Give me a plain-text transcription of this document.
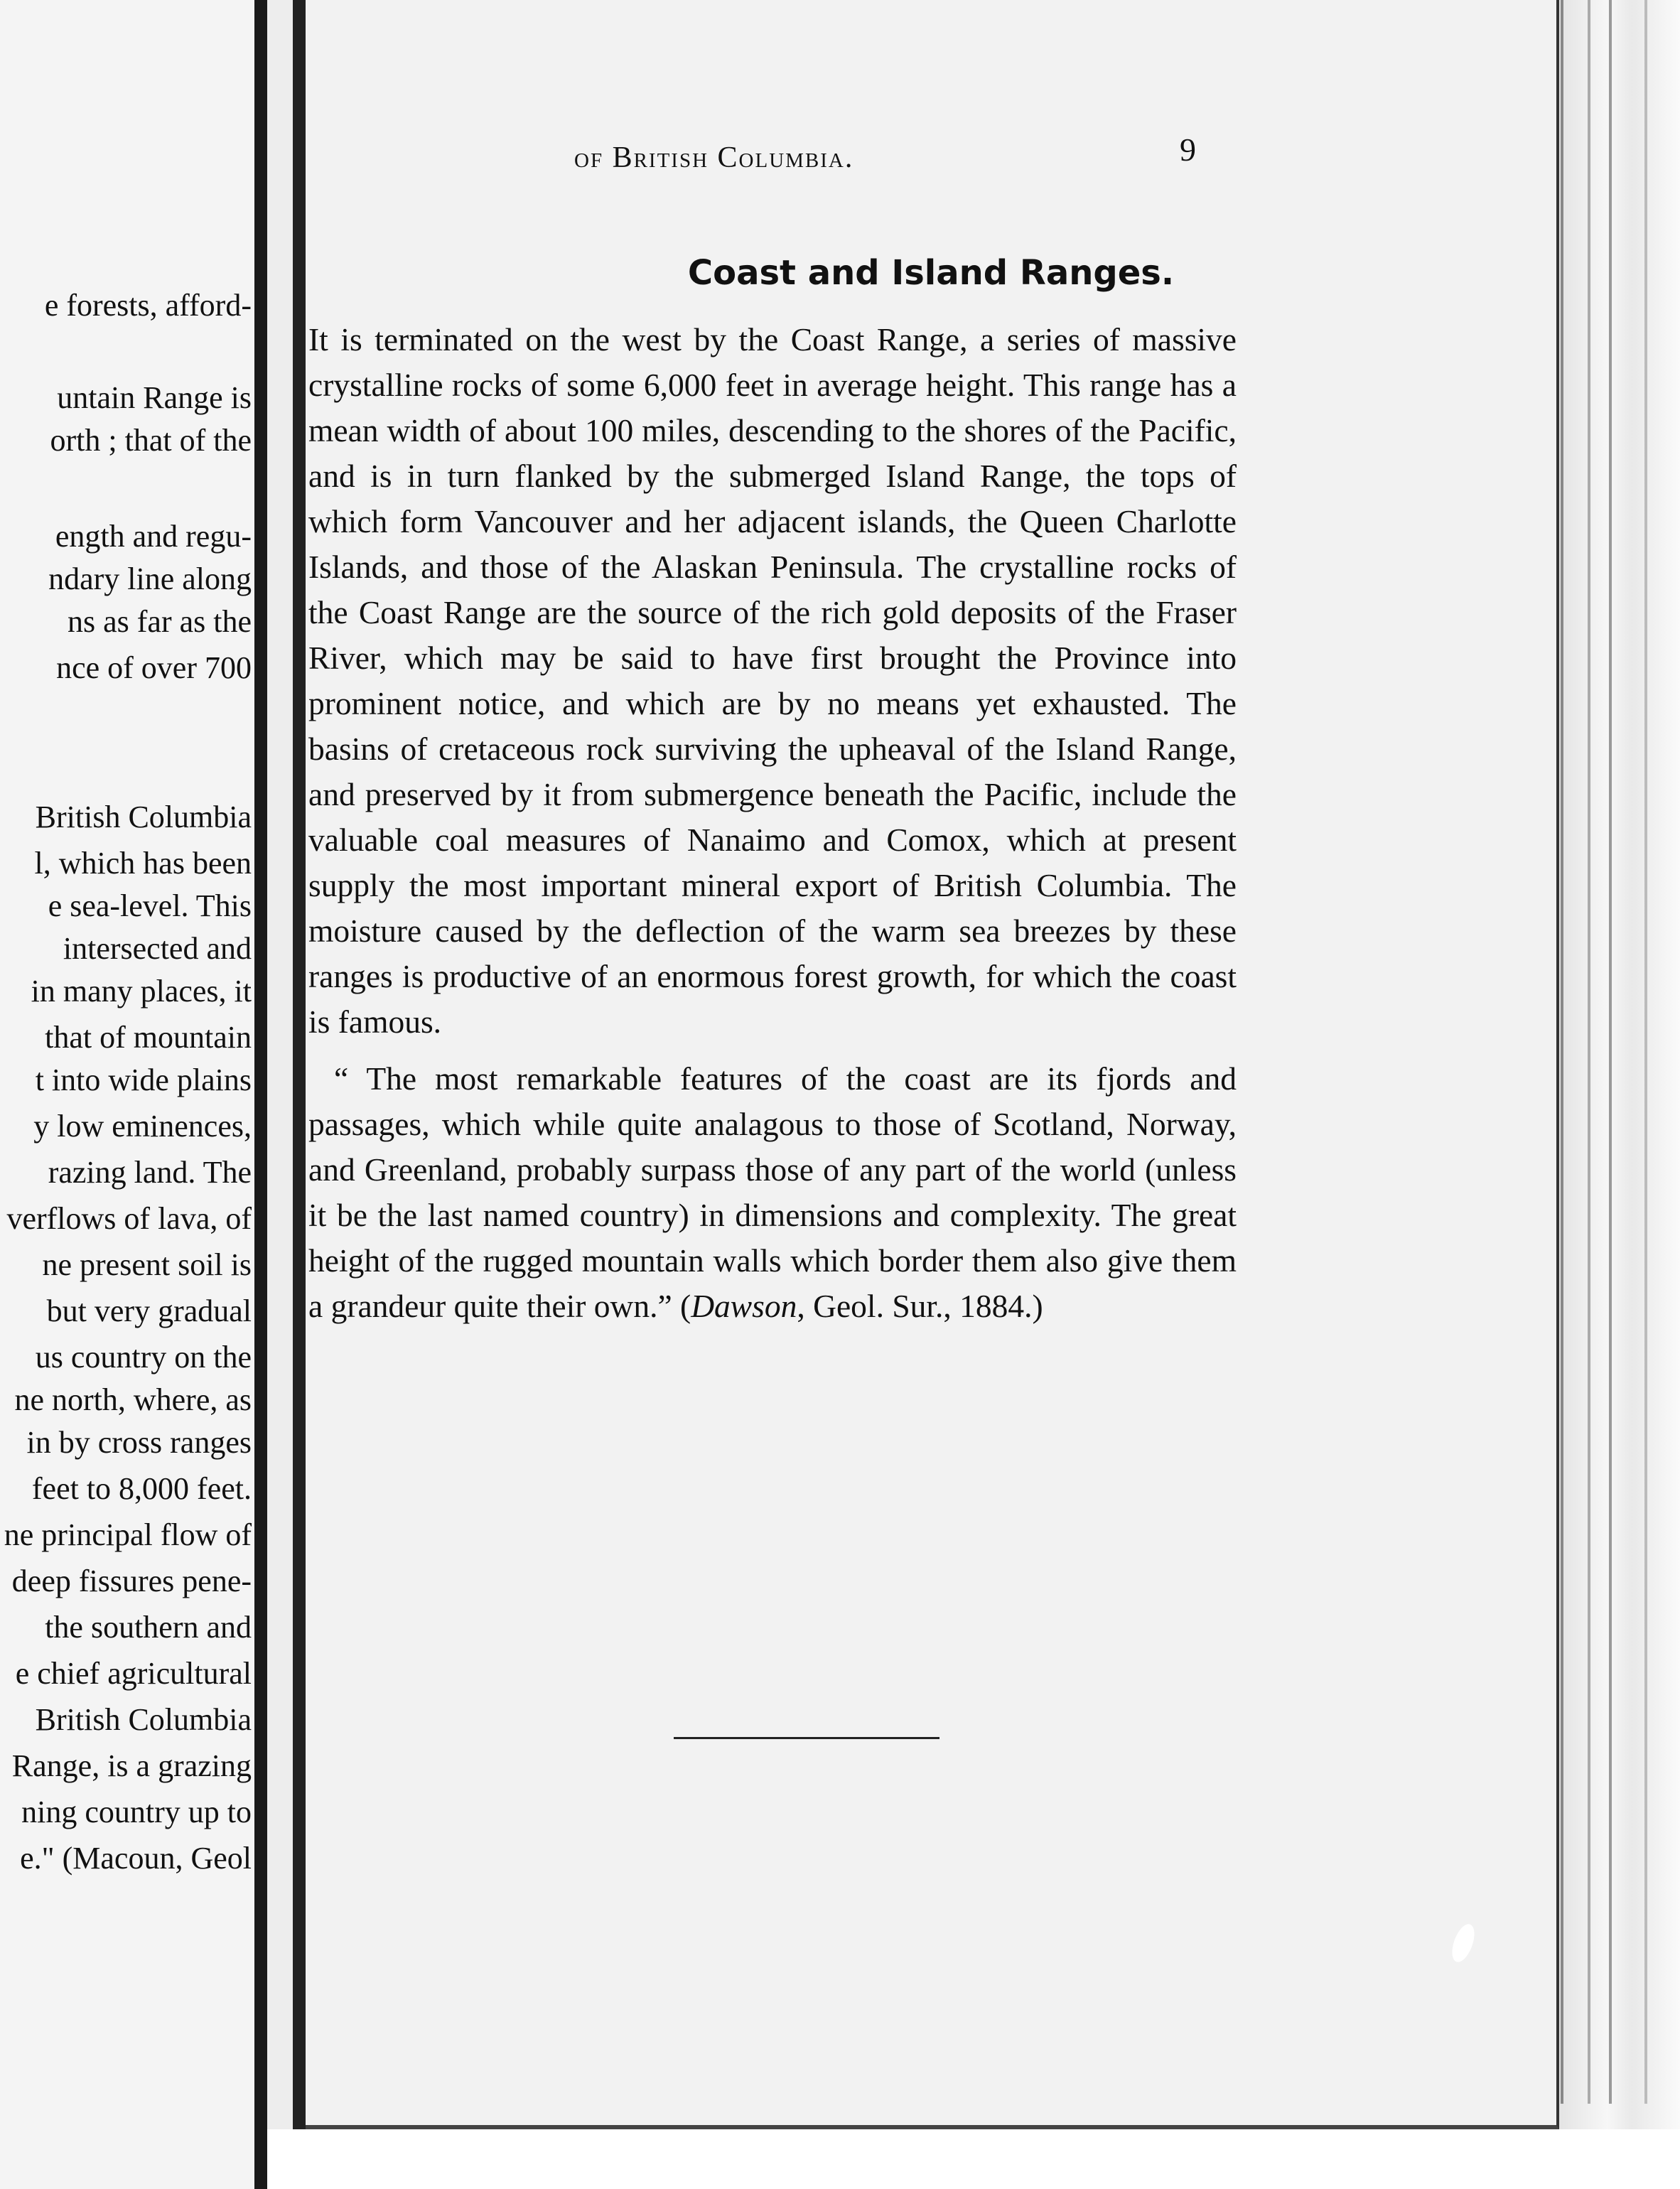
e forests, afford-
untain Range is
orth ; that of the
ength and regu-
ndary line along
ns as far as the
nce of over 700
British Columbia
l, which has been
e sea-level. This
intersected and
in many places, it
that of mountain
t into wide plains
y low eminences,
razing land. The
verflows of lava, of
ne present soil is
but very gradual
us country on the
ne north, where, as
in by cross ranges
feet to 8,000 feet.
ne principal flow of
deep fissures pene-
the southern and
e chief agricultural
British Columbia
Range, is a grazing
ning country up to
e." (Macoun, Geol
of British Columbia.	9
Coast and Island Ranges.

It is terminated on the west by the Coast Range, a series of massive crystalline rocks of some 6,000 feet in average height. This range has a mean width of about 100 miles, descending to the shores of the Pacific, and is in turn flanked by the submerged Island Range, the tops of which form Vancouver and her adjacent islands, the Queen Charlotte Islands, and those of the Alaskan Peninsula. The crystalline rocks of the Coast Range are the source of the rich gold deposits of the Fraser River, which may be said to have first brought the Province into prominent notice, and which are by no means yet exhausted. The basins of cretaceous rock surviving the upheaval of the Island Range, and preserved by it from submergence beneath the Pacific, include the valuable coal measures of Nanaimo and Comox, which at present supply the most important mineral export of British Columbia. The moisture caused by the deflection of the warm sea breezes by these ranges is productive of an enormous forest growth, for which the coast is famous.

“ The most remarkable features of the coast are its fjords and passages, which while quite analagous to those of Scotland, Norway, and Greenland, probably surpass those of any part of the world (unless it be the last named country) in dimensions and complexity. The great height of the rugged mountain walls which border them also give them a grandeur quite their own.” (Dawson, Geol. Sur., 1884.)
